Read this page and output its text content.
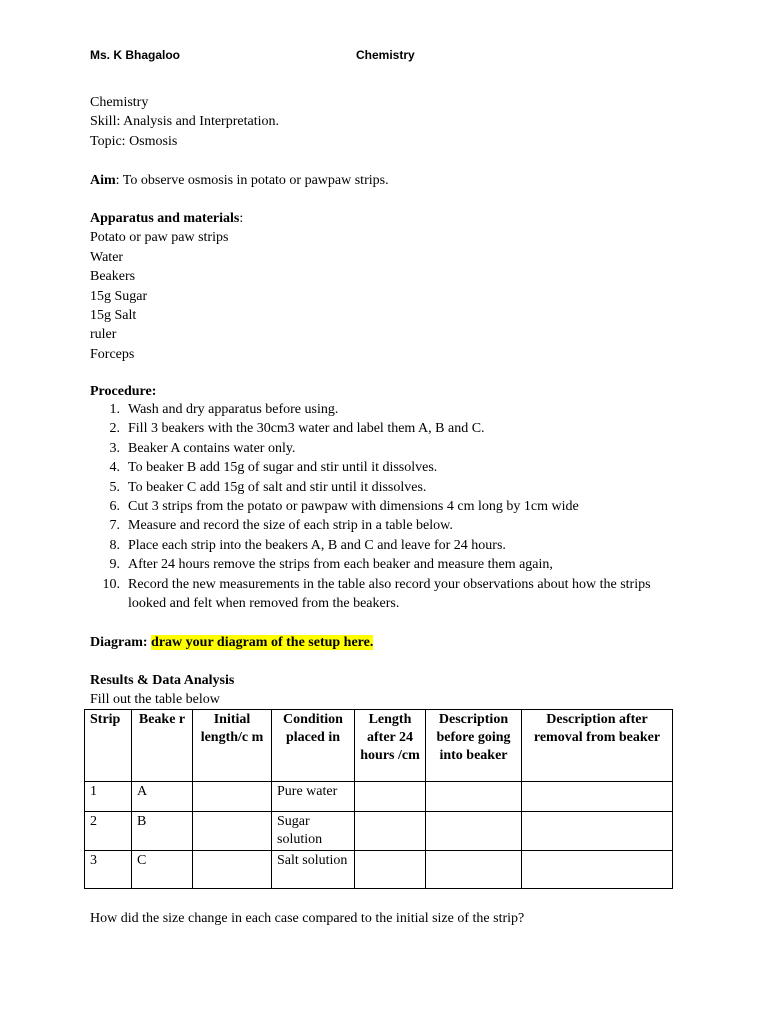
Ms. K Bhagaloo	Chemistry
Chemistry
Skill: Analysis and Interpretation.
Topic: Osmosis
Aim: To observe osmosis in potato or pawpaw strips.
Apparatus and materials:
Potato or paw paw strips
Water
Beakers
15g Sugar
15g Salt
ruler
Forceps
Procedure:
1. Wash and dry apparatus before using.
2. Fill 3 beakers with the 30cm3 water and label them A, B and C.
3. Beaker A contains water only.
4. To beaker B add 15g of sugar and stir until it dissolves.
5. To beaker C add 15g of salt and stir until it dissolves.
6. Cut 3 strips from the potato or pawpaw with dimensions 4 cm long by 1cm wide
7. Measure and record the size of each strip in a table below.
8. Place each strip into the beakers A, B and C and leave for 24 hours.
9. After 24 hours remove the strips from each beaker and measure them again,
10. Record the new measurements in the table also record your observations about how the strips looked and felt when removed from the beakers.
Diagram: draw your diagram of the setup here.
Results & Data Analysis
Fill out the table below
Strip	Beake r	Initial length/c m	Condition placed in	Length after 24 hours /cm	Description before going into beaker	Description after removal from beaker
1	A		Pure water			
2	B		Sugar solution			
3	C		Salt solution			
How did the size change in each case compared to the initial size of the strip?
